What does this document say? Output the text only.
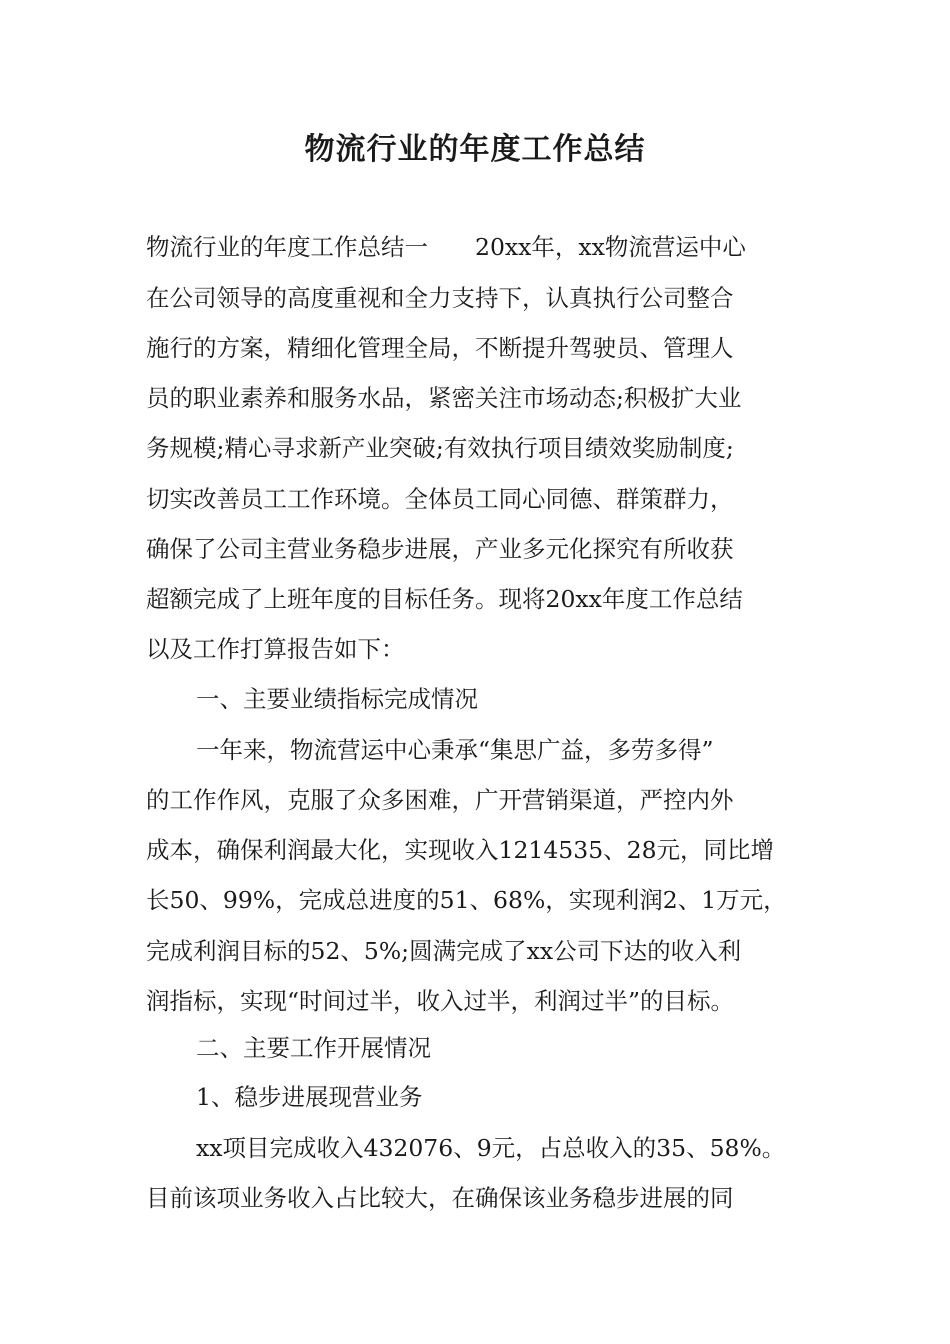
物流行业的年度工作总结
物流行业的年度工作总结一　　20xx年，xx物流营运中心
在公司领导的高度重视和全力支持下，认真执行公司整合
施行的方案，精细化管理全局，不断提升驾驶员、管理人
员的职业素养和服务水品，紧密关注市场动态;积极扩大业
务规模;精心寻求新产业突破;有效执行项目绩效奖励制度;
切实改善员工工作环境。全体员工同心同德、群策群力，
确保了公司主营业务稳步进展，产业多元化探究有所收获
超额完成了上班年度的目标任务。现将20xx年度工作总结
以及工作打算报告如下：
一、主要业绩指标完成情况
一年来，物流营运中心秉承“集思广益，多劳多得”
的工作作风，克服了众多困难，广开营销渠道，严控内外
成本，确保利润最大化，实现收入1214535、28元，同比增
长50、99%，完成总进度的51、68%，实现利润2、1万元，
完成利润目标的52、5%;圆满完成了xx公司下达的收入利
润指标，实现“时间过半，收入过半，利润过半”的目标。
二、主要工作开展情况
1、稳步进展现营业务
xx项目完成收入432076、9元，占总收入的35、58%。
目前该项业务收入占比较大，在确保该业务稳步进展的同
